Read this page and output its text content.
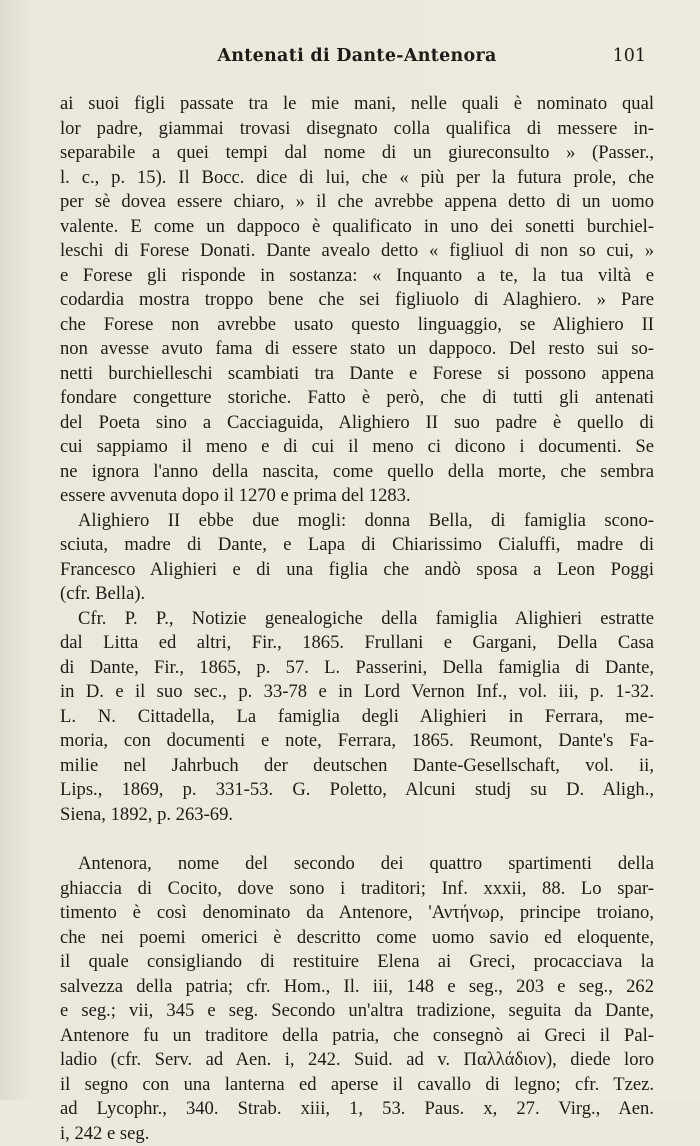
Antenati di Dante-Antenora	101
ai suoi figli passate tra le mie mani, nelle quali è nominato qual
lor padre, giammai trovasi disegnato colla qualifica di messere in-
separabile a quei tempi dal nome di un giureconsulto » (Passer.,
l. c., p. 15). Il Bocc. dice di lui, che « più per la futura prole, che
per sè dovea essere chiaro, » il che avrebbe appena detto di un uomo
valente. E come un dappoco è qualificato in uno dei sonetti burchiel-
leschi di Forese Donati. Dante avealo detto « figliuol di non so cui, »
e Forese gli risponde in sostanza: « Inquanto a te, la tua viltà e
codardia mostra troppo bene che sei figliuolo di Alaghiero. » Pare
che Forese non avrebbe usato questo linguaggio, se Alighiero II
non avesse avuto fama di essere stato un dappoco. Del resto sui so-
netti burchielleschi scambiati tra Dante e Forese si possono appena
fondare congetture storiche. Fatto è però, che di tutti gli antenati
del Poeta sino a Cacciaguida, Alighiero II suo padre è quello di
cui sappiamo il meno e di cui il meno ci dicono i documenti. Se
ne ignora l'anno della nascita, come quello della morte, che sembra
essere avvenuta dopo il 1270 e prima del 1283.
Alighiero II ebbe due mogli: donna Bella, di famiglia scono-
sciuta, madre di Dante, e Lapa di Chiarissimo Cialuffi, madre di
Francesco Alighieri e di una figlia che andò sposa a Leon Poggi
(cfr. Bella).
Cfr. P. P., Notizie genealogiche della famiglia Alighieri estratte
dal Litta ed altri, Fir., 1865. Frullani e Gargani, Della Casa
di Dante, Fir., 1865, p. 57. L. Passerini, Della famiglia di Dante,
in D. e il suo sec., p. 33-78 e in Lord Vernon Inf., vol. iii, p. 1-32.
L. N. Cittadella, La famiglia degli Alighieri in Ferrara, me-
moria, con documenti e note, Ferrara, 1865. Reumont, Dante's Fa-
milie nel Jahrbuch der deutschen Dante-Gesellschaft, vol. ii,
Lips., 1869, p. 331-53. G. Poletto, Alcuni studj su D. Aligh.,
Siena, 1892, p. 263-69.
Antenora, nome del secondo dei quattro spartimenti della
ghiaccia di Cocito, dove sono i traditori; Inf. xxxii, 88. Lo spar-
timento è così denominato da Antenore, 'Αντήνωρ, principe troiano,
che nei poemi omerici è descritto come uomo savio ed eloquente,
il quale consigliando di restituire Elena ai Greci, procacciava la
salvezza della patria; cfr. Hom., Il. iii, 148 e seg., 203 e seg., 262
e seg.; vii, 345 e seg. Secondo un'altra tradizione, seguita da Dante,
Antenore fu un traditore della patria, che consegnò ai Greci il Pal-
ladio (cfr. Serv. ad Aen. i, 242. Suid. ad v. Παλλάδιον), diede loro
il segno con una lanterna ed aperse il cavallo di legno; cfr. Tzez.
ad Lycophr., 340. Strab. xiii, 1, 53. Paus. x, 27. Virg., Aen.
i, 242 e seg.
